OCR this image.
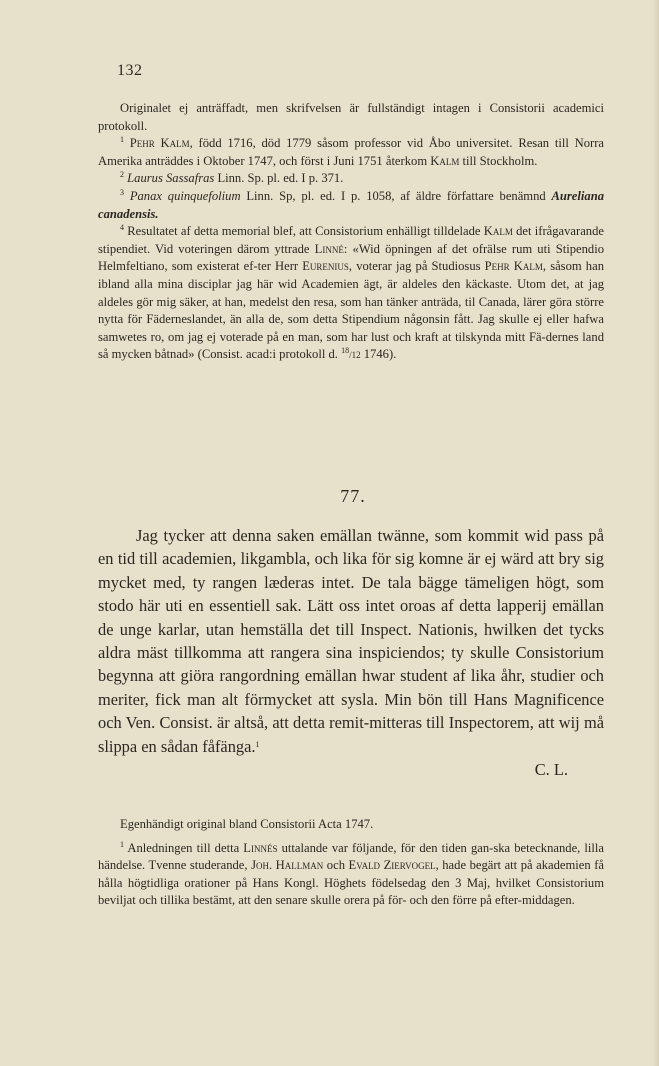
132

Originalet ej anträffadt, men skrifvelsen är fullständigt intagen i Consistorii academici protokoll.

$^1$ Pehr Kalm, född 1716, död 1779 såsom professor vid Åbo universitet. Resan till Norra Amerika anträddes i Oktober 1747, och först i Juni 1751 återkom Kalm till Stockholm.

$^2$ Laurus Sassafras Linn. Sp. pl. ed. I p. 371.

$^3$ Panax quinquefolium Linn. Sp, pl. ed. I p. 1058, af äldre författare benämnd Aureliana canadensis.

$^4$ Resultatet af detta memorial blef, att Consistorium enhälligt tilldelade Kalm det ifrågavarande stipendiet. Vid voteringen därom yttrade Linné: «Wid öpningen af det ofrälse rum uti Stipendio Helmfeltiano, som existerat ef-ter Herr Eurenius, voterar jag på Studiosus Pehr Kalm, såsom han ibland alla mina disciplar jag här wid Academien ägt, är aldeles den käckaste. Utom det, at jag aldeles gör mig säker, at han, medelst den resa, som han tänker anträda, til Canada, lärer göra större nytta för Fäderneslandet, än alla de, som detta Stipendium någonsin fått. Jag skulle ej eller hafwa samwetes ro, om jag ej voterade på en man, som har lust och kraft at tilskynda mitt Fä-dernes land så mycken båtnad» (Consist. acad:i protokoll d. $^{18}$/12 1746).

77.

Jag tycker att denna saken emällan twänne, som kommit wid pass på en tid till academien, likgambla, och lika för sig komne är ej wärd att bry sig mycket med, ty rangen læderas intet. De tala bägge tämeligen högt, som stodo här uti en essentiell sak. Lätt oss intet oroas af detta lapperij emällan de unge karlar, utan hemställa det till Inspect. Nationis, hwilken det tycks aldra mäst tillkomma att rangera sina inspiciendos; ty skulle Consistorium begynna att giöra rangordning emällan hwar student af lika åhr, studier och meriter, fick man alt förmycket att sysla. Min bön till Hans Magnificence och Ven. Consist. är altså, att detta remit-mitteras till Inspectorem, att wij må slippa en sådan fåfänga.$^1$

C. L.

Egenhändigt original bland Consistorii Acta 1747.

$^1$ Anledningen till detta Linnés uttalande var följande, för den tiden gan-ska betecknande, lilla händelse. Tvenne studerande, Joh. Hallman och Evald Ziervogel, hade begärt att på akademien få hålla högtidliga orationer på Hans Kongl. Höghets födelsedag den 3 Maj, hvilket Consistorium beviljat och tillika bestämt, att den senare skulle orera på för- och den förre på efter-middagen.
